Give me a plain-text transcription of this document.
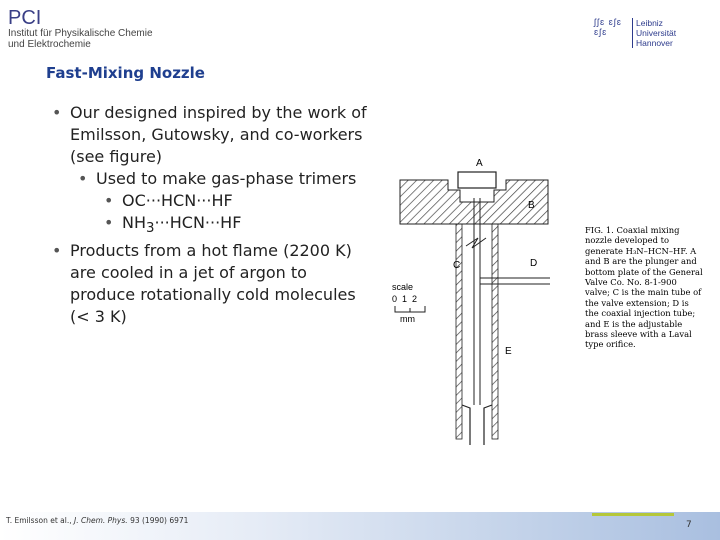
PCI
Institut für Physikalische Chemie
und Elektrochemie
ʃʃɛ ɛʃɛ ɛʃɛ
Leibniz
Universität
Hannover
Fast-Mixing Nozzle
• Our designed inspired by the work of
Emilsson, Gutowsky, and co-workers
(see figure)
• Used to make gas-phase trimers
• OC···HCN···HF
• $NH_3\cdot\cdot\cdot HCN\cdot\cdot\cdot HF$
• Products from a hot flame (2200 K)
are cooled in a jet of argon to
produce rotationally cold molecules
(< 3 K)
A
B
C	D
E
scale
0  1  2
mm
FIG. 1. Coaxial mixing nozzle developed to generate H₃N–HCN–HF. A and B are the plunger and bottom plate of the General Valve Co. No. 8-1-900 valve; C is the main tube of the valve extension; D is the coaxial injection tube; and E is the adjustable brass sleeve with a Laval type orifice.
T. Emilsson et al., J. Chem. Phys. 93 (1990) 6971	7
